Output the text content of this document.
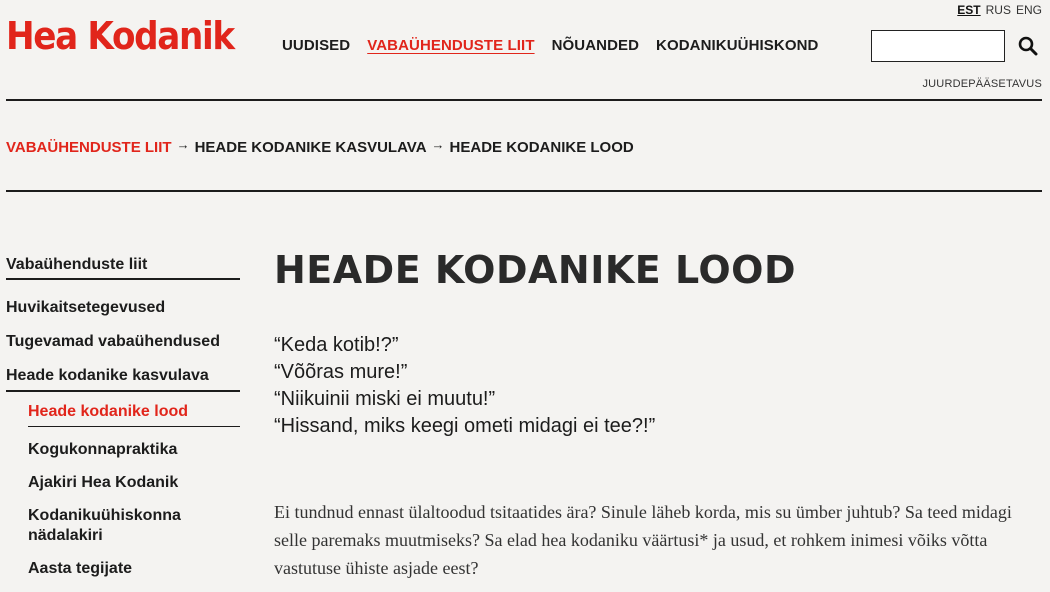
Hea Kodanik	UUDISED VABAÜHENDUSTE LIIT NÕUANDED KODANIKUÜHISKOND
EST RUS ENG
JUURDEPÄÄSETAVUS
VABAÜHENDUSTE LIIT → HEADE KODANIKE KASVULAVA → HEADE KODANIKE LOOD
Vabaühenduste liit
Huvikaitsetegevused
Tugevamad vabaühendused
Heade kodanike kasvulava
Heade kodanike lood
Kogukonnapraktika
Ajakiri Hea Kodanik
Kodanikuühiskonna nädalakiri
Aasta tegijate
HEADE KODANIKE LOOD
“Keda kotib!?”
“Võõras mure!”
“Niikuinii miski ei muutu!”
“Hissand, miks keegi ometi midagi ei tee?!”

Ei tundnud ennast ülaltoodud tsitaatides ära? Sinule läheb korda, mis su ümber juhtub? Sa teed midagi selle paremaks muutmiseks? Sa elad hea kodaniku väärtusi* ja usud, et rohkem inimesi võiks võtta vastutuse ühiste asjade eest?
